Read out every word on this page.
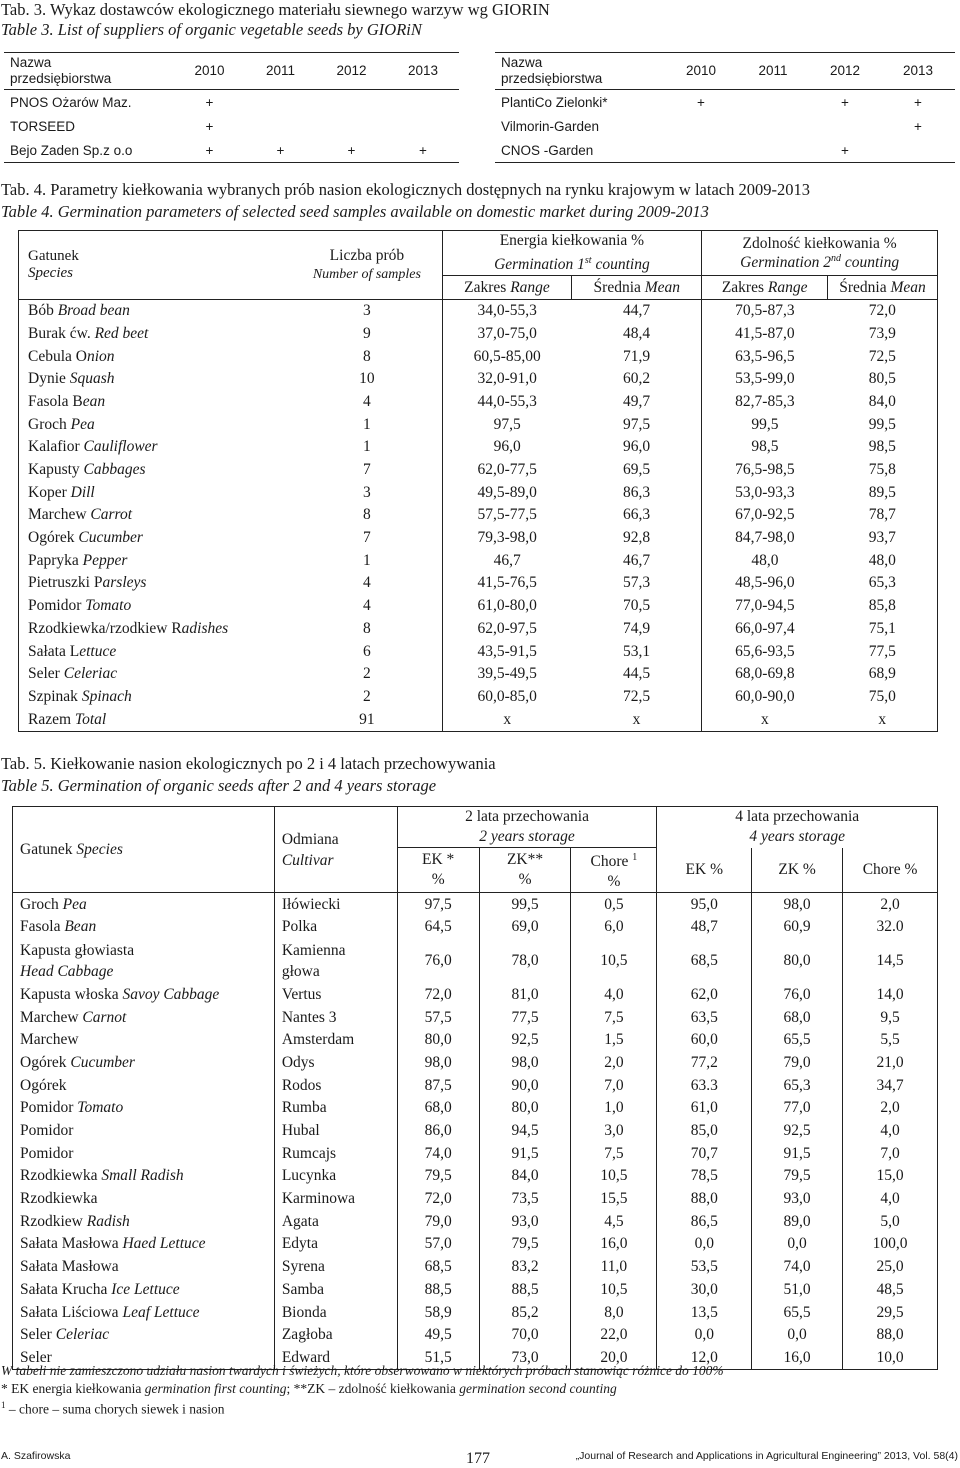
Tab. 3. Wykaz dostawców ekologicznego materiału siewnego warzyw wg GIORIN
Table 3. List of suppliers of organic vegetable seeds by GIORiN
Nazwa
przedsiębiorstwa	2010	2011	2012	2013
PNOS Ożarów Maz.	+			
TORSEED	+			
Bejo Zaden Sp.z o.o	+	+	+	+
Nazwa
przedsiębiorstwa	2010	2011	2012	2013
PlantiCo Zielonki*	+		+	+
Vilmorin-Garden				+
CNOS -Garden			+	
Tab. 4. Parametry kiełkowania wybranych prób nasion ekologicznych dostępnych na rynku krajowym w latach 2009-2013
Table 4. Germination parameters of selected seed samples available on domestic market during 2009-2013
Gatunek
Species	Liczba prób
Number of samples	Energia kiełkowania %
Germination 1st counting		Zdolność kiełkowania %
Germination 2nd counting	
		Zakres Range	Średnia Mean	Zakres Range	Średnia Mean
Bób Broad bean	3	34,0-55,3	44,7	70,5-87,3	72,0
Burak ćw. Red beet	9	37,0-75,0	48,4	41,5-87,0	73,9
Cebula Onion	8	60,5-85,00	71,9	63,5-96,5	72,5
Dynie Squash	10	32,0-91,0	60,2	53,5-99,0	80,5
Fasola Bean	4	44,0-55,3	49,7	82,7-85,3	84,0
Groch Pea	1	97,5	97,5	99,5	99,5
Kalafior Cauliflower	1	96,0	96,0	98,5	98,5
Kapusty Cabbages	7	62,0-77,5	69,5	76,5-98,5	75,8
Koper Dill	3	49,5-89,0	86,3	53,0-93,3	89,5
Marchew Carrot	8	57,5-77,5	66,3	67,0-92,5	78,7
Ogórek Cucumber	7	79,3-98,0	92,8	84,7-98,0	93,7
Papryka Pepper	1	46,7	46,7	48,0	48,0
Pietruszki Parsleys	4	41,5-76,5	57,3	48,5-96,0	65,3
Pomidor Tomato	4	61,0-80,0	70,5	77,0-94,5	85,8
Rzodkiewka/rzodkiew Radishes	8	62,0-97,5	74,9	66,0-97,4	75,1
Sałata Lettuce	6	43,5-91,5	53,1	65,6-93,5	77,5
Seler Celeriac	2	39,5-49,5	44,5	68,0-69,8	68,9
Szpinak Spinach	2	60,0-85,0	72,5	60,0-90,0	75,0
Razem Total	91	x	x	x	x
Tab. 5. Kiełkowanie nasion ekologicznych po 2 i 4 latach przechowywania
Table 5. Germination of organic seeds after 2 and 4 years storage
Gatunek Species	Odmiana
Cultivar	2 lata przechowania
2 years storage			4 lata przechowania
4 years storage		
		EK *
%	ZK**
%	Chore $^1$
%	EK %	ZK %	Chore %
Groch Pea	Iłówiecki	97,5	99,5	0,5	95,0	98,0	2,0
Fasola Bean	Polka	64,5	69,0	6,0	48,7	60,9	32.0
Kapusta głowiasta
Head Cabbage	Kamienna
głowa	76,0	78,0	10,5	68,5	80,0	14,5
Kapusta włoska Savoy Cabbage	Vertus	72,0	81,0	4,0	62,0	76,0	14,0
Marchew Carnot	Nantes 3	57,5	77,5	7,5	63,5	68,0	9,5
Marchew	Amsterdam	80,0	92,5	1,5	60,0	65,5	5,5
Ogórek Cucumber	Odys	98,0	98,0	2,0	77,2	79,0	21,0
Ogórek	Rodos	87,5	90,0	7,0	63.3	65,3	34,7
Pomidor Tomato	Rumba	68,0	80,0	1,0	61,0	77,0	2,0
Pomidor	Hubal	86,0	94,5	3,0	85,0	92,5	4,0
Pomidor	Rumcajs	74,0	91,5	7,5	70,7	91,5	7,0
Rzodkiewka Small Radish	Lucynka	79,5	84,0	10,5	78,5	79,5	15,0
Rzodkiewka	Karminowa	72,0	73,5	15,5	88,0	93,0	4,0
Rzodkiew Radish	Agata	79,0	93,0	4,5	86,5	89,0	5,0
Sałata Masłowa Haed Lettuce	Edyta	57,0	79,5	16,0	0,0	0,0	100,0
Sałata Masłowa	Syrena	68,5	83,2	11,0	53,5	74,0	25,0
Sałata Krucha Ice Lettuce	Samba	88,5	88,5	10,5	30,0	51,0	48,5
Sałata Liściowa Leaf Lettuce	Bionda	58,9	85,2	8,0	13,5	65,5	29,5
Seler Celeriac	Zagłoba	49,5	70,0	22,0	0,0	0,0	88,0
Seler	Edward	51,5	73,0	20,0	12,0	16,0	10,0
W tabeli nie zamieszczono udziału nasion twardych i świeżych, które obserwowano w niektórych próbach stanowiąc różnice do 100%
* EK energia kiełkowania germination first counting; **ZK – zdolność kiełkowania germination second counting
$^1$ – chore – suma chorych siewek i nasion
A. Szafirowska	177	„Journal of Research and Applications in Agricultural Engineering” 2013, Vol. 58(4)
